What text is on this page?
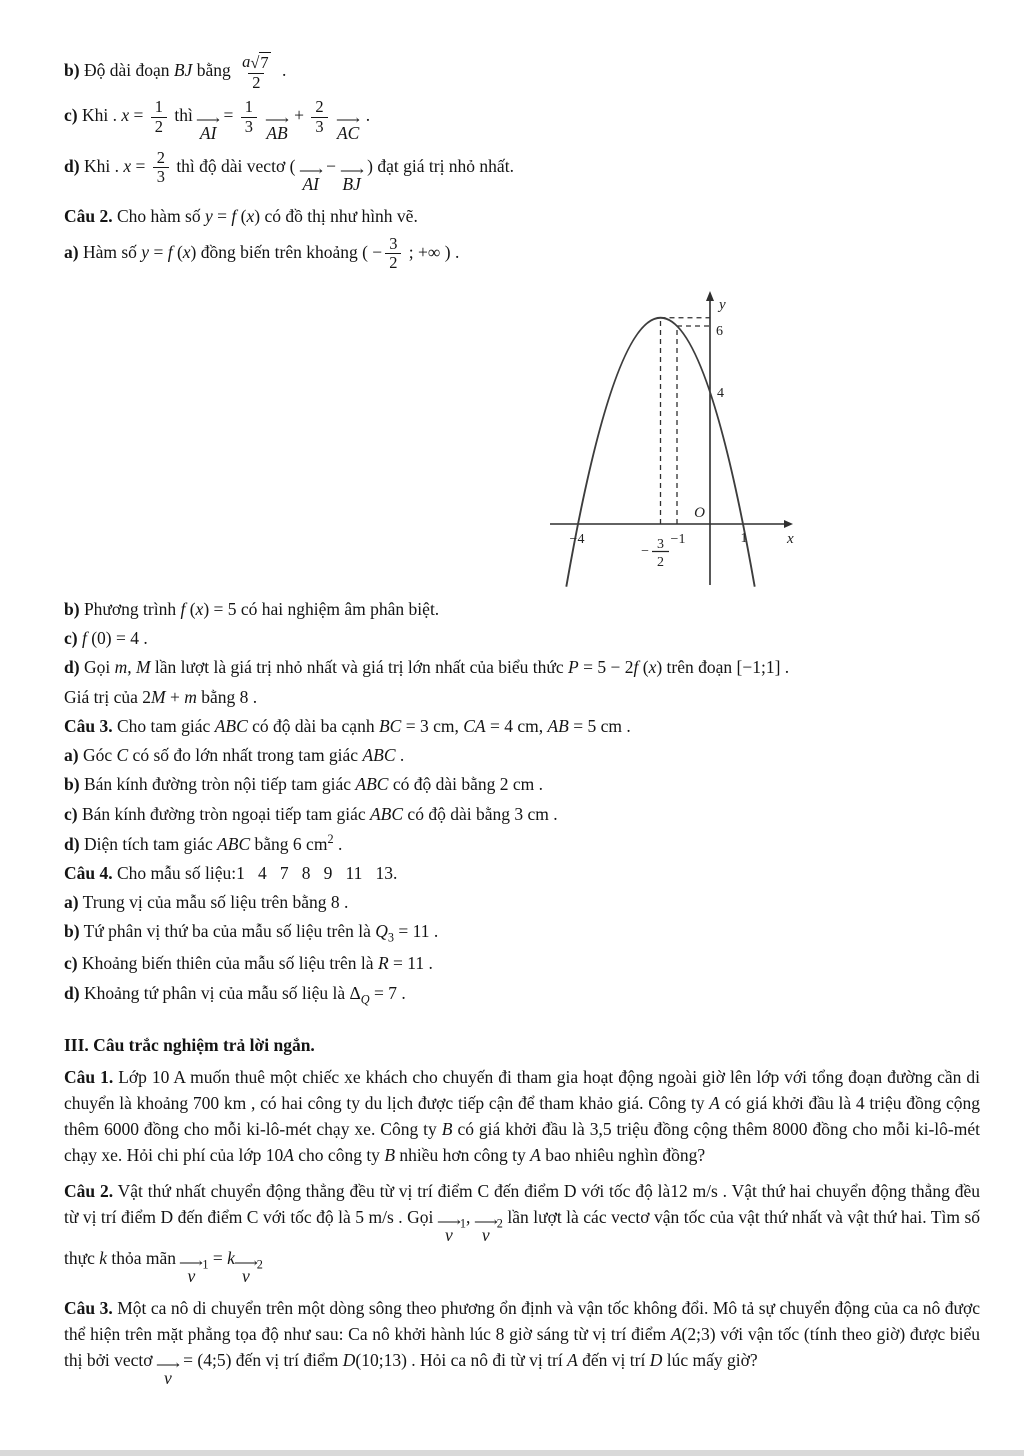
b) Độ dài đoạn BJ bằng $\frac{a √ 7}{2}$ .
c) Khi . $x = \frac{1}{2}$ thì
⟶
AI
= $\frac{1}{3}$
⟶
AB
+ $\frac{2}{3}$
⟶
AC
.
d) Khi . $x = \frac{2}{3}$ thì độ dài vectơ (
⟶
AI
− ⟶
BJ
) đạt giá trị nhỏ nhất.
Câu 2. Cho hàm số y = f (x) có đồ thị như hình vẽ.
a) Hàm số y = f (x) đồng biến trên khoảng ( − $\frac{3}{2}$ ; +∞ ) .
y
6
4
O
−4	−1	1	x
− 3
2
b) Phương trình f (x) = 5 có hai nghiệm âm phân biệt.
c) f (0) = 4 .
d) Gọi m, M lần lượt là giá trị nhỏ nhất và giá trị lớn nhất của biểu thức P = 5 − 2f (x) trên đoạn [−1;1] .
Giá trị của 2M + m bằng 8 .
Câu 3. Cho tam giác ABC có độ dài ba cạnh BC = 3 cm, CA = 4 cm, AB = 5 cm .
a) Góc C có số đo lớn nhất trong tam giác ABC .
b) Bán kính đường tròn nội tiếp tam giác ABC có độ dài bằng 2 cm .
c) Bán kính đường tròn ngoại tiếp tam giác ABC có độ dài bằng 3 cm .
d) Diện tích tam giác ABC bằng 6 $cm^2$ .
Câu 4. Cho mẫu số liệu:1   4   7   8   9   11   13.
a) Trung vị của mẫu số liệu trên bằng 8 .
b) Tứ phân vị thứ ba của mẫu số liệu trên là $Q_3 = 11$ .
c) Khoảng biến thiên của mẫu số liệu trên là R = 11 .
d) Khoảng tứ phân vị của mẫu số liệu là $\Delta_Q = 7$ .
III. Câu trắc nghiệm trả lời ngắn.
Câu 1. Lớp 10 A muốn thuê một chiếc xe khách cho chuyến đi tham gia hoạt động ngoài giờ lên lớp với tổng đoạn đường cần di chuyển là khoảng 700 km , có hai công ty du lịch được tiếp cận để tham khảo giá. Công ty A có giá khởi đầu là 4 triệu đồng cộng thêm 6000 đồng cho mỗi ki-lô-mét chạy xe. Công ty B có giá khởi đầu là 3,5 triệu đồng cộng thêm 8000 đồng cho mỗi ki-lô-mét chạy xe. Hỏi chi phí của lớp 10A cho công ty B nhiều hơn công ty A bao nhiêu nghìn đồng?
Câu 2. Vật thứ nhất chuyển động thẳng đều từ vị trí điểm C đến điểm D với tốc độ là12 m/s . Vật thứ hai chuyển động thẳng đều từ vị trí điểm D đến điểm C với tốc độ là 5 m/s . Gọi
⟶
v
$_1$,
⟶
v
$_2$ lần lượt là các vectơ vận tốc của vật thứ nhất và vật thứ hai. Tìm số thực k thỏa mãn
⟶
v
$_1$ = k
⟶
v
$_2$
Câu 3. Một ca nô di chuyển trên một dòng sông theo phương ổn định và vận tốc không đổi. Mô tả sự chuyển động của ca nô được thể hiện trên mặt phẳng tọa độ như sau: Ca nô khởi hành lúc 8 giờ sáng từ vị trí điểm A(2;3) với vận tốc (tính theo giờ) được biểu thị bởi vectơ
⟶
v
= (4;5) đến vị trí điểm D(10;13) . Hỏi ca nô đi từ vị trí A đến vị trí D lúc mấy giờ?
